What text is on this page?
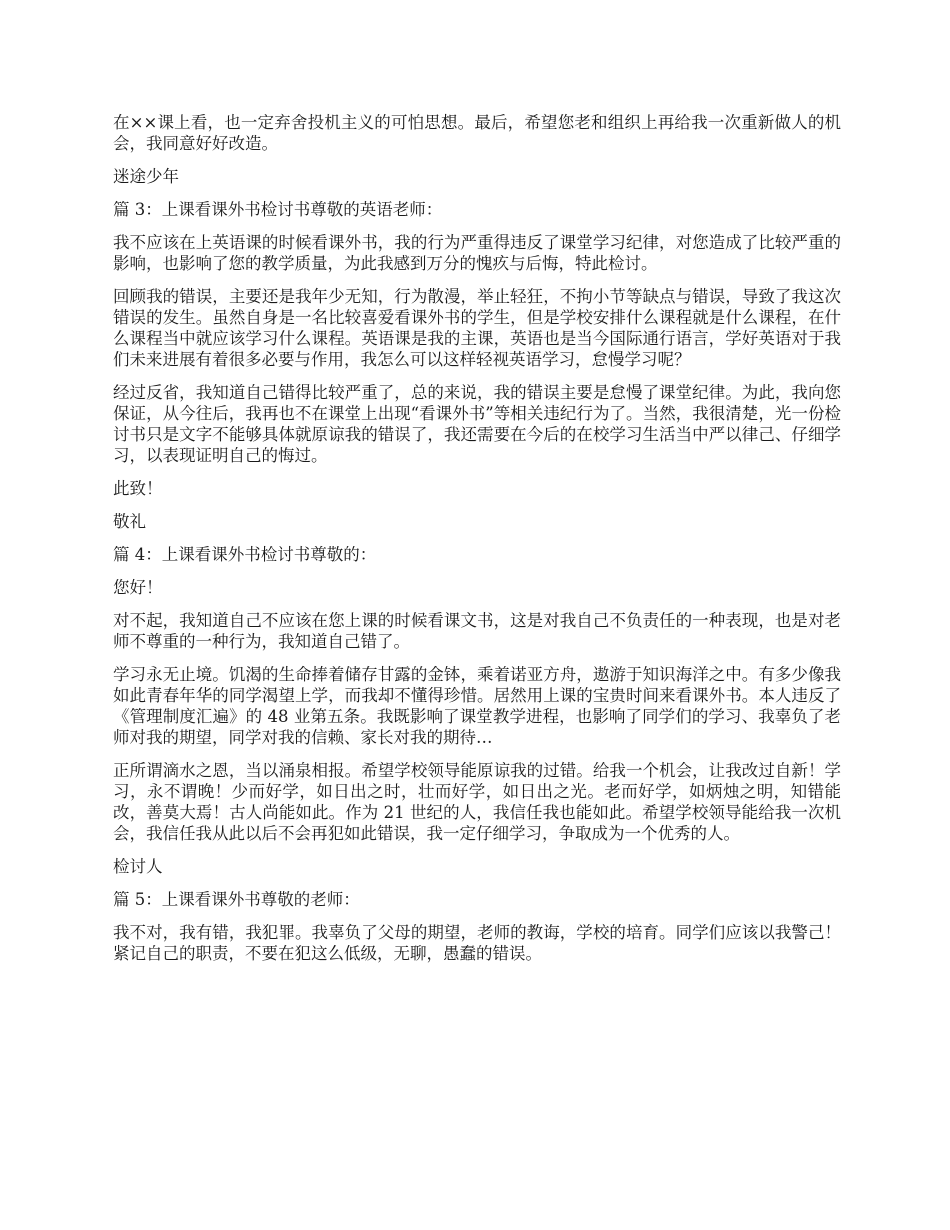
在××课上看，也一定弃舍投机主义的可怕思想。最后，希望您老和组织上再给我一次重新做人的机会，我同意好好改造。

迷途少年

篇 3：上课看课外书检讨书尊敬的英语老师：

我不应该在上英语课的时候看课外书，我的行为严重得违反了课堂学习纪律，对您造成了比较严重的影响，也影响了您的教学质量，为此我感到万分的愧疚与后悔，特此检讨。

回顾我的错误，主要还是我年少无知，行为散漫，举止轻狂，不拘小节等缺点与错误，导致了我这次错误的发生。虽然自身是一名比较喜爱看课外书的学生，但是学校安排什么课程就是什么课程，在什么课程当中就应该学习什么课程。英语课是我的主课，英语也是当今国际通行语言，学好英语对于我们未来进展有着很多必要与作用，我怎么可以这样轻视英语学习，怠慢学习呢？

经过反省，我知道自己错得比较严重了，总的来说，我的错误主要是怠慢了课堂纪律。为此，我向您保证，从今往后，我再也不在课堂上出现“看课外书”等相关违纪行为了。当然，我很清楚，光一份检讨书只是文字不能够具体就原谅我的错误了，我还需要在今后的在校学习生活当中严以律己、仔细学习，以表现证明自己的悔过。

此致！

敬礼

篇 4：上课看课外书检讨书尊敬的：

您好！

对不起，我知道自己不应该在您上课的时候看课文书，这是对我自己不负责任的一种表现，也是对老师不尊重的一种行为，我知道自己错了。

学习永无止境。饥渴的生命捧着储存甘露的金钵，乘着诺亚方舟，遨游于知识海洋之中。有多少像我如此青春年华的同学渴望上学，而我却不懂得珍惜。居然用上课的宝贵时间来看课外书。本人违反了《管理制度汇遍》的 48 业第五条。我既影响了课堂教学进程，也影响了同学们的学习、我辜负了老师对我的期望，同学对我的信赖、家长对我的期待…

正所谓滴水之恩，当以涌泉相报。希望学校领导能原谅我的过错。给我一个机会，让我改过自新！学习，永不谓晚！少而好学，如日出之时，壮而好学，如日出之光。老而好学，如炳烛之明，知错能改，善莫大焉！古人尚能如此。作为 21 世纪的人，我信任我也能如此。希望学校领导能给我一次机会，我信任我从此以后不会再犯如此错误，我一定仔细学习，争取成为一个优秀的人。

检讨人

篇 5：上课看课外书尊敬的老师：

我不对，我有错，我犯罪。我辜负了父母的期望，老师的教诲，学校的培育。同学们应该以我警己！紧记自己的职责，不要在犯这么低级，无聊，愚蠢的错误。
